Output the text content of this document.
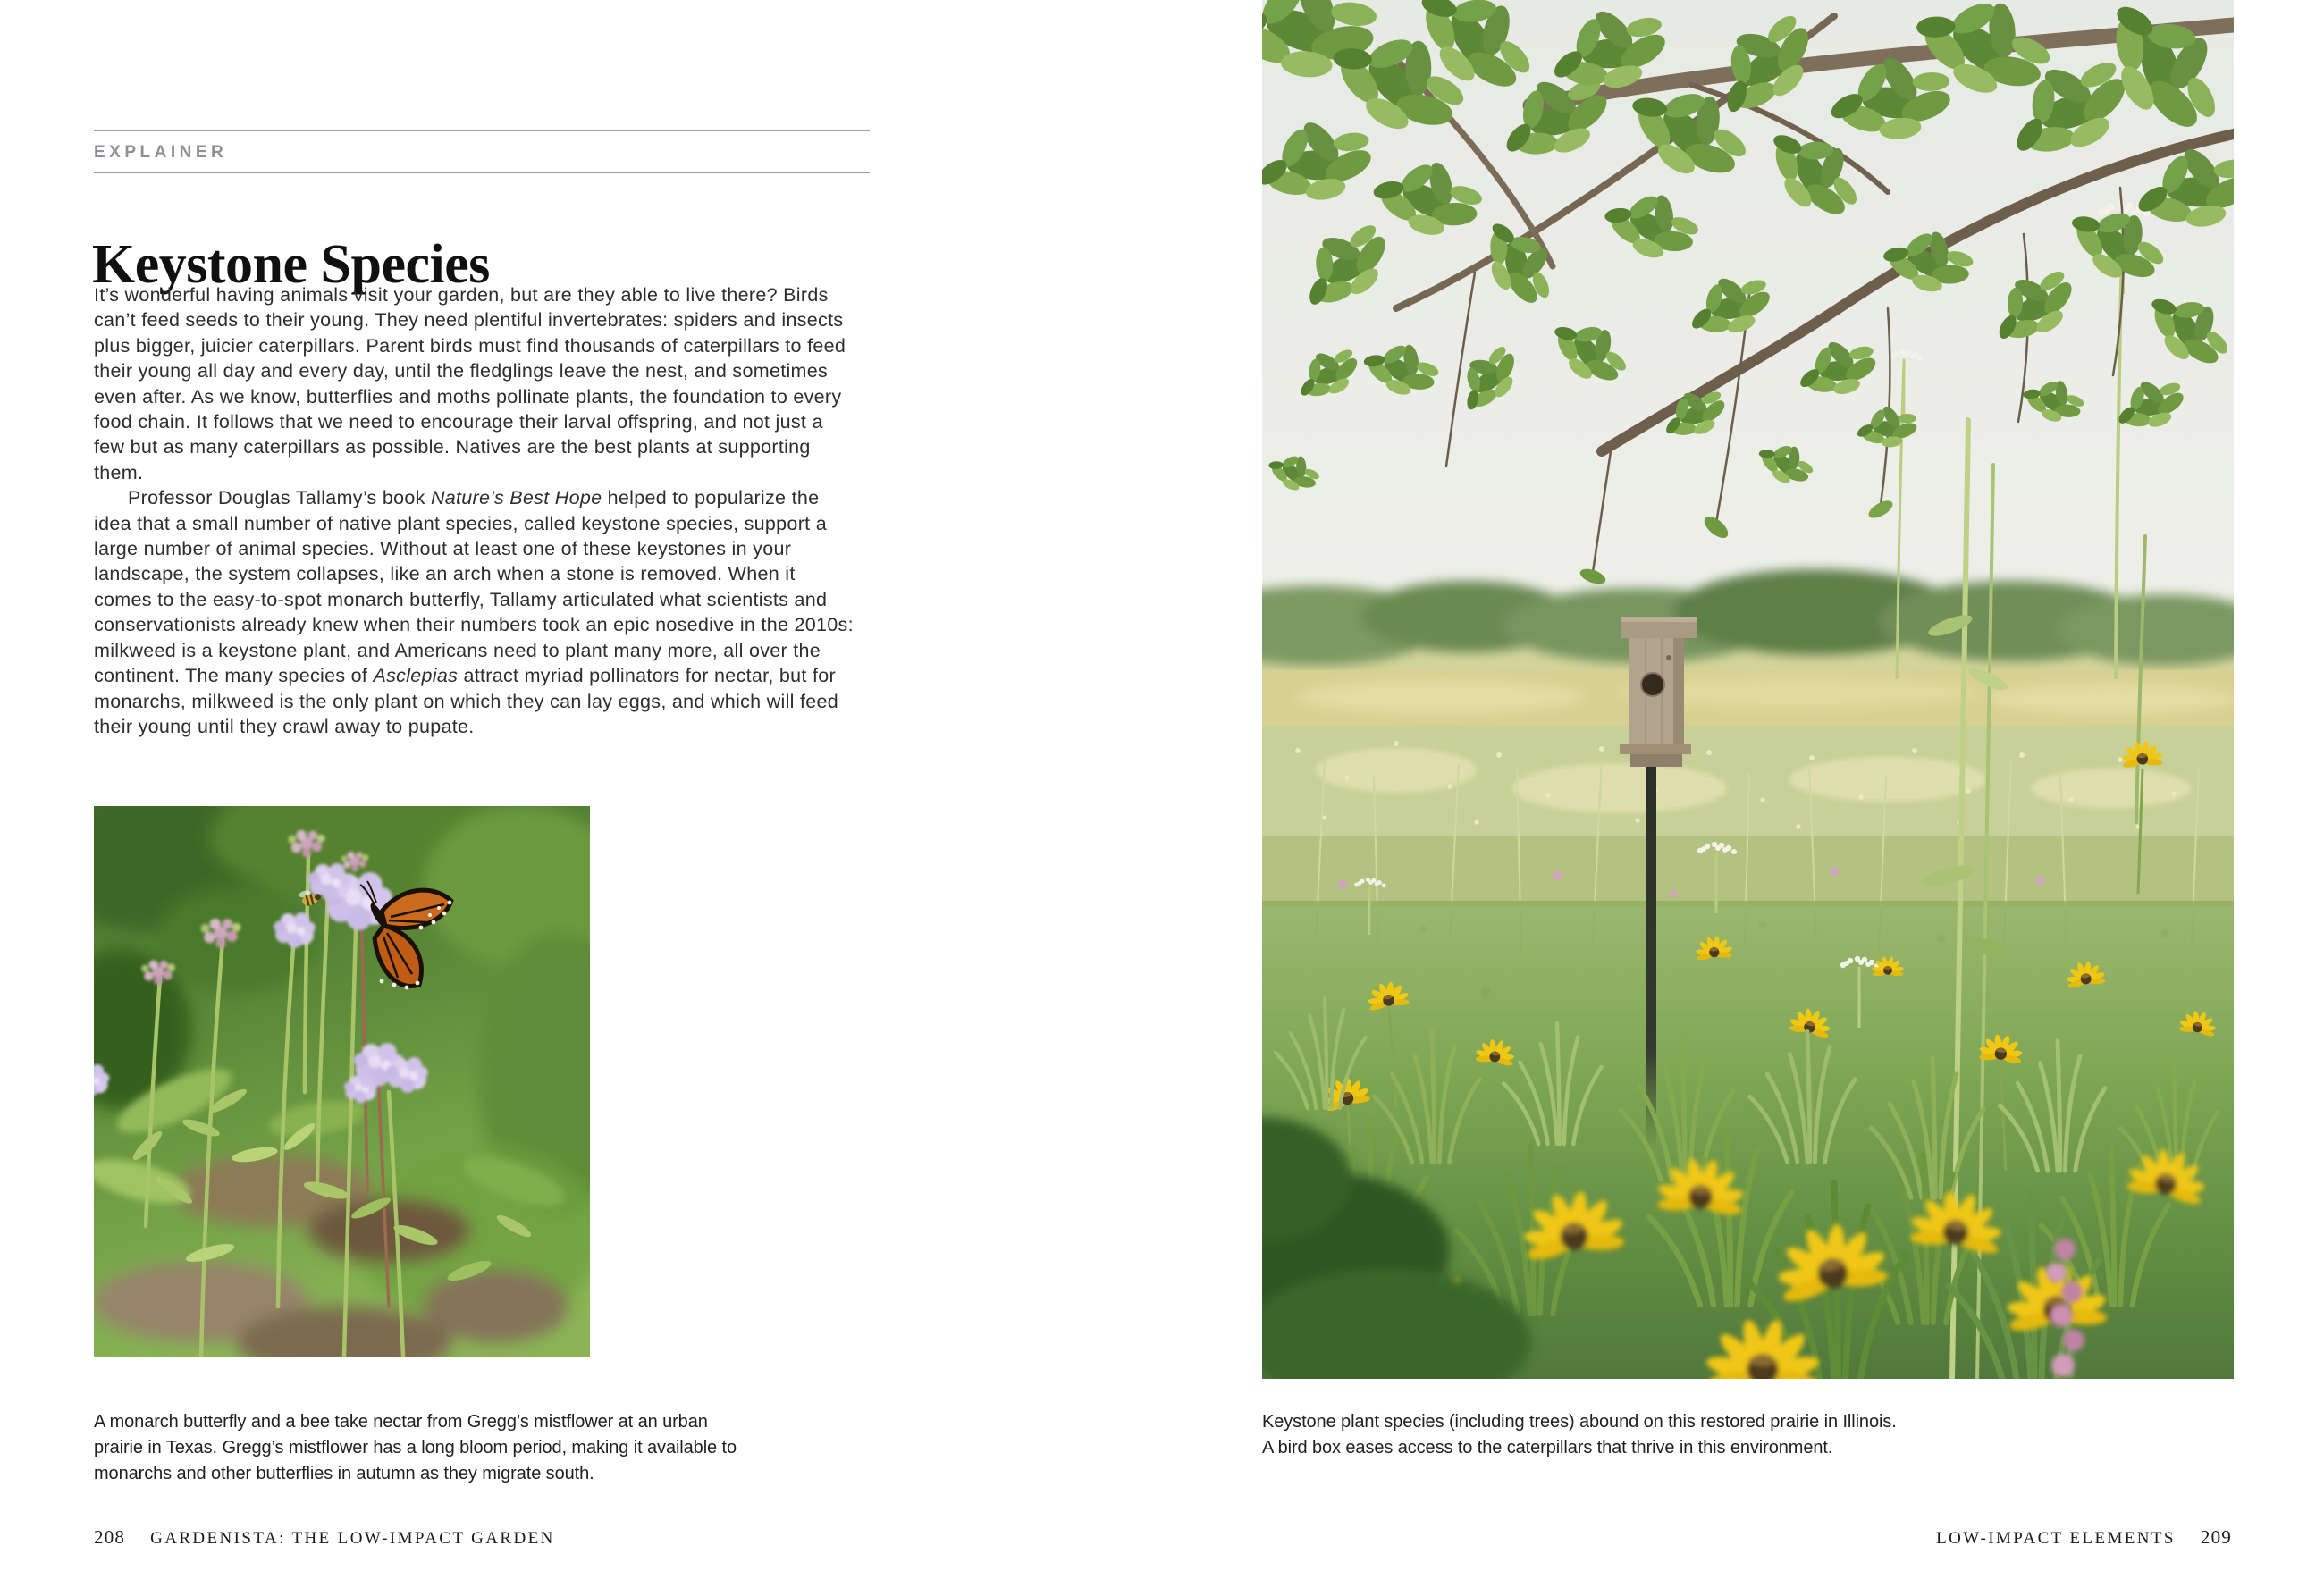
EXPLAINER
Keystone Species

It’s wonderful having animals visit your garden, but are they able to live there? Birds can’t feed seeds to their young. They need plentiful invertebrates: spiders and insects plus bigger, juicier caterpillars. Parent birds must find thousands of caterpillars to feed their young all day and every day, until the fledglings leave the nest, and sometimes even after. As we know, butterflies and moths pollinate plants, the foundation to every food chain. It follows that we need to encourage their larval offspring, and not just a few but as many caterpillars as possible. Natives are the best plants at supporting them.

Professor Douglas Tallamy’s book Nature’s Best Hope helped to popularize the idea that a small number of native plant species, called keystone species, support a large number of animal species. Without at least one of these keystones in your landscape, the system collapses, like an arch when a stone is removed. When it comes to the easy-to-spot monarch butterfly, Tallamy articulated what scientists and conservationists already knew when their numbers took an epic nosedive in the 2010s: milkweed is a keystone plant, and Americans need to plant many more, all over the continent. The many species of Asclepias attract myriad pollinators for nectar, but for monarchs, milkweed is the only plant on which they can lay eggs, and which will feed their young until they crawl away to pupate.

A monarch butterfly and a bee take nectar from Gregg’s mistflower at an urban
prairie in Texas. Gregg’s mistflower has a long bloom period, making it available to
monarchs and other butterflies in autumn as they migrate south.
208 GARDENISTA: THE LOW-IMPACT GARDEN
Keystone plant species (including trees) abound on this restored prairie in Illinois.
A bird box eases access to the caterpillars that thrive in this environment.
LOW-IMPACT ELEMENTS 209
